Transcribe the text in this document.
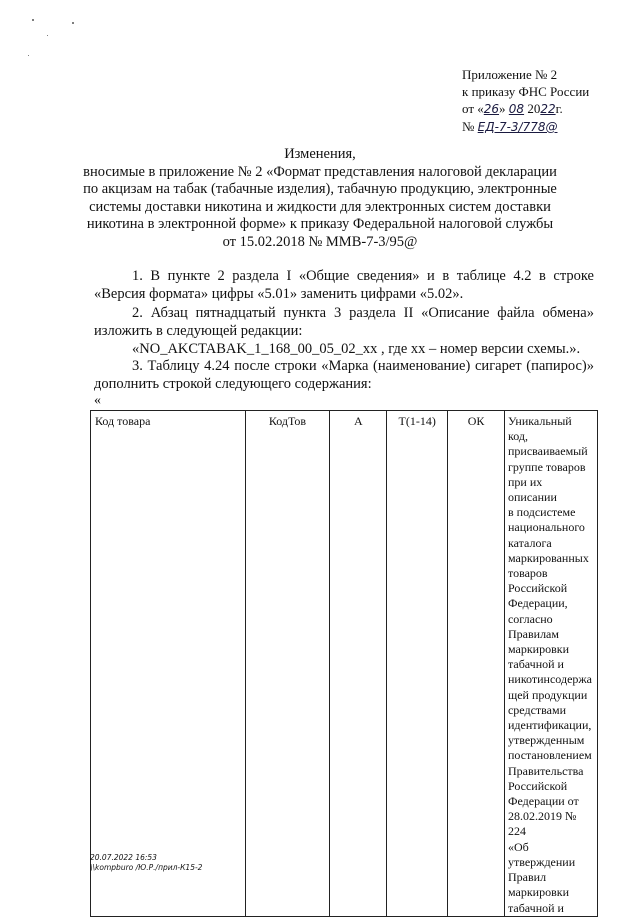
Приложение № 2
к приказу ФНС России
от «26» 08 2022г.
№ ЕД-7-3/778@
Изменения,
вносимые в приложение № 2 «Формат представления налоговой декларации
по акцизам на табак (табачные изделия), табачную продукцию, электронные
системы доставки никотина и жидкости для электронных систем доставки
никотина в электронной форме» к приказу Федеральной налоговой службы
от 15.02.2018 № ММВ-7-3/95@
1. В пункте 2 раздела I «Общие сведения» и в таблице 4.2 в строке «Версия формата» цифры «5.01» заменить цифрами «5.02».
2. Абзац пятнадцатый пункта 3 раздела II «Описание файла обмена» изложить в следующей редакции:
«NO_AKCTABAK_1_168_00_05_02_xx , где xx – номер версии схемы.».
3. Таблицу 4.24 после строки «Марка (наименование) сигарет (папирос)» дополнить строкой следующего содержания:
«
Код товара	КодТов	А	Т(1-14)	ОК	Уникальный код,
присваиваемый
группе товаров
при их описании
в подсистеме
национального
каталога
маркированных
товаров
Российской
Федерации,
согласно
Правилам
маркировки
табачной и
никотинсодержа
щей продукции
средствами
идентификации,
утвержденным
постановлением
Правительства
Российской
Федерации от
28.02.2019 № 224
«Об утверждении
Правил
маркировки
табачной и
20.07.2022 16:53
\\kompburo /Ю.Р./прил-К15-2
